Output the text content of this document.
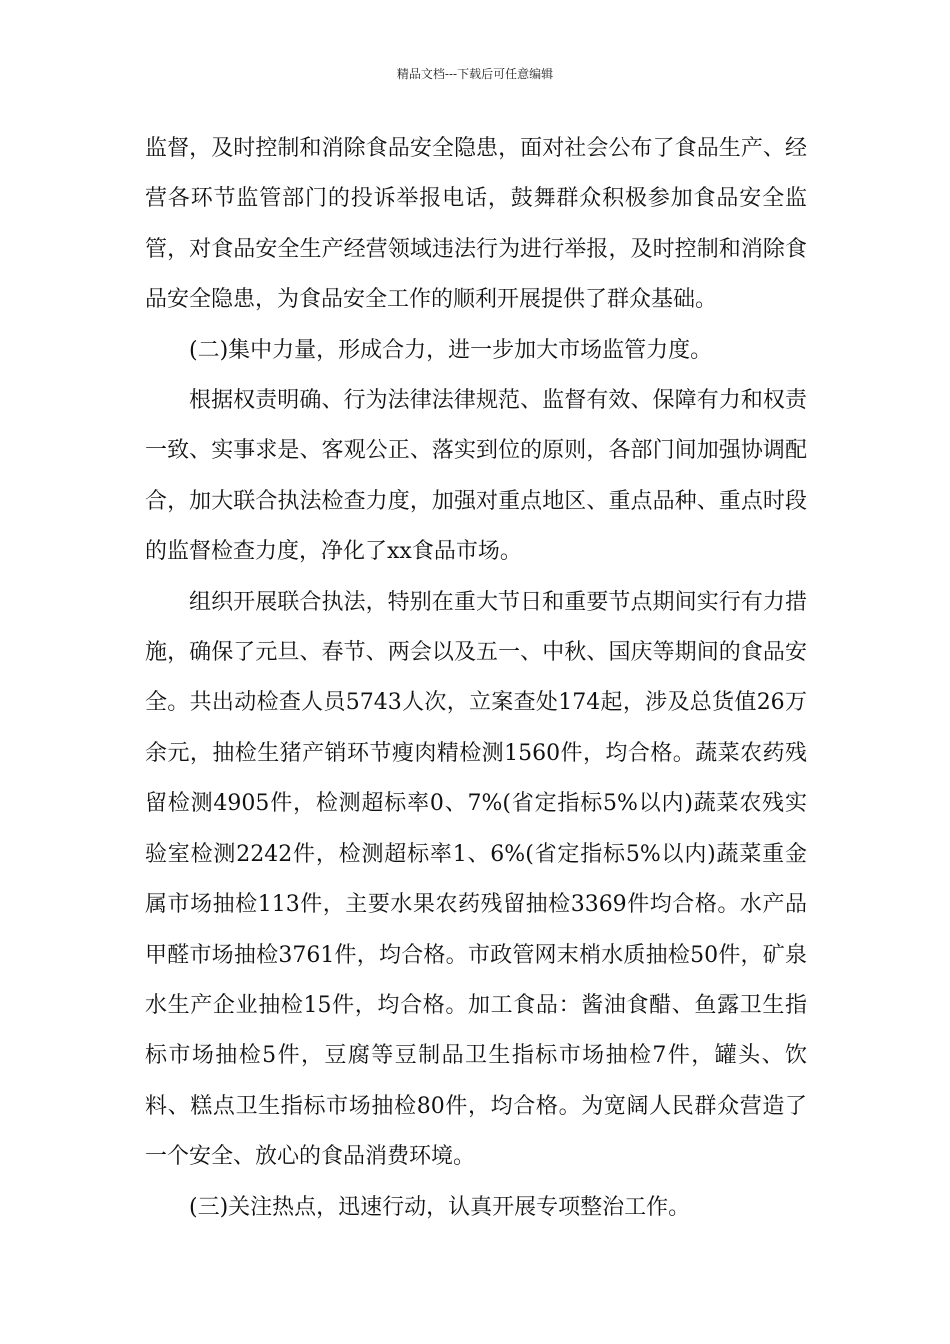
精品文档---下载后可任意编辑

监督，及时控制和消除食品安全隐患，面对社会公布了食品生产、经营各环节监管部门的投诉举报电话，鼓舞群众积极参加食品安全监管，对食品安全生产经营领域违法行为进行举报，及时控制和消除食品安全隐患，为食品安全工作的顺利开展提供了群众基础。

(二)集中力量，形成合力，进一步加大市场监管力度。

根据权责明确、行为法律法律规范、监督有效、保障有力和权责一致、实事求是、客观公正、落实到位的原则，各部门间加强协调配合，加大联合执法检查力度，加强对重点地区、重点品种、重点时段的监督检查力度，净化了xx食品市场。

组织开展联合执法，特别在重大节日和重要节点期间实行有力措施，确保了元旦、春节、两会以及五一、中秋、国庆等期间的食品安全。共出动检查人员5743人次，立案查处174起，涉及总货值26万余元，抽检生猪产销环节瘦肉精检测1560件，均合格。蔬菜农药残留检测4905件，检测超标率0、7%(省定指标5%以内)蔬菜农残实验室检测2242件，检测超标率1、6%(省定指标5%以内)蔬菜重金属市场抽检113件，主要水果农药残留抽检3369件均合格。水产品甲醛市场抽检3761件，均合格。市政管网末梢水质抽检50件，矿泉水生产企业抽检15件，均合格。加工食品：酱油食醋、鱼露卫生指标市场抽检5件，豆腐等豆制品卫生指标市场抽检7件，罐头、饮料、糕点卫生指标市场抽检80件，均合格。为宽阔人民群众营造了一个安全、放心的食品消费环境。

(三)关注热点，迅速行动，认真开展专项整治工作。
